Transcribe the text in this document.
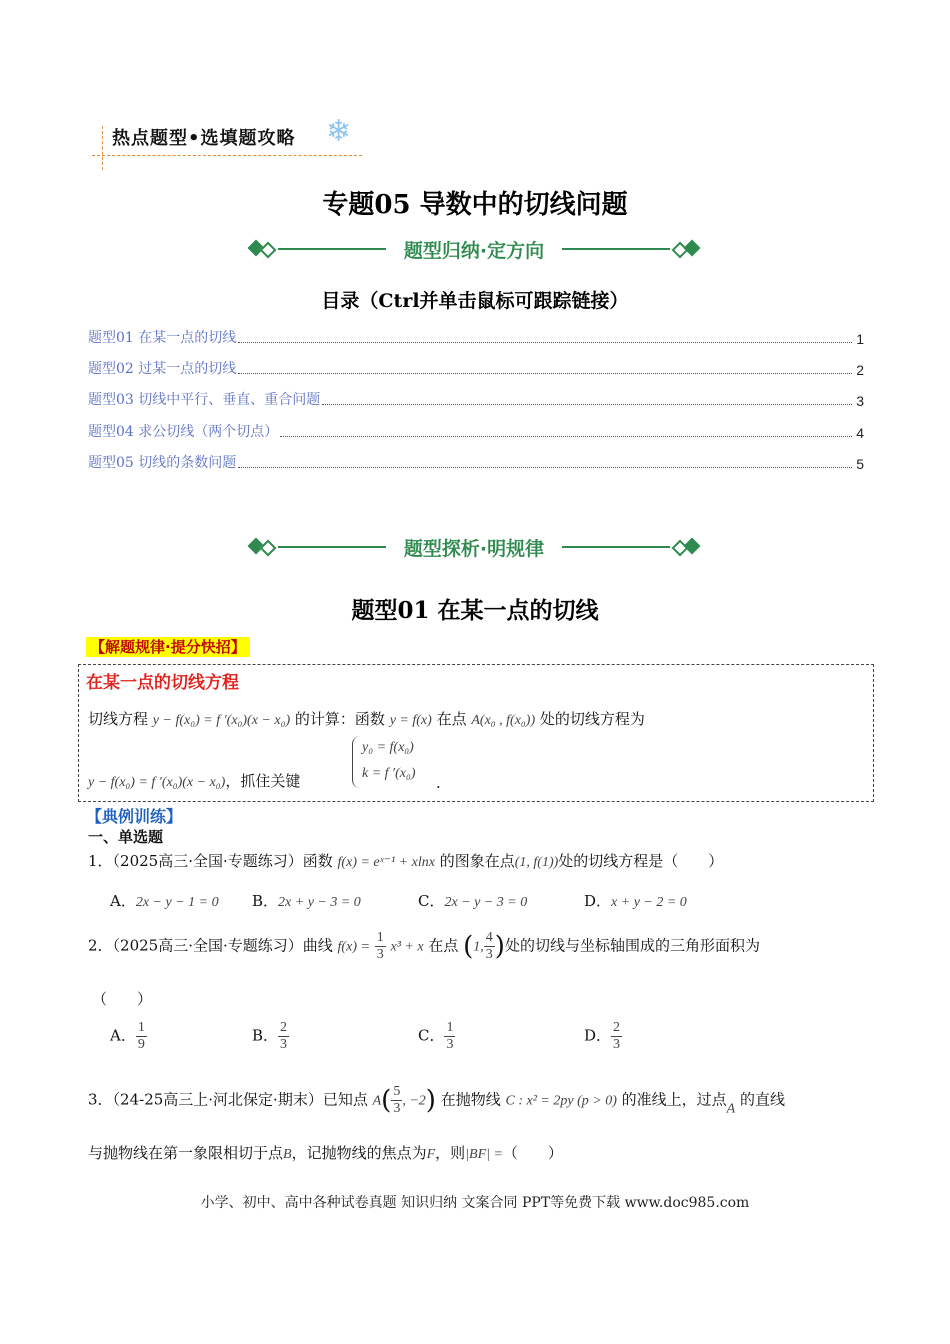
热点题型•选填题攻略 ❄
专题05 导数中的切线问题
题型归纳·定方向
目录（Ctrl并单击鼠标可跟踪链接）
题型01 在某一点的切线	1
题型02 过某一点的切线	2
题型03 切线中平行、垂直、重合问题	3
题型04 求公切线（两个切点）	4
题型05 切线的条数问题	5
题型探析·明规律
题型01 在某一点的切线
【解题规律·提分快招】
在某一点的切线方程
切线方程 y − f(x₀) = f ′(x₀)(x − x₀) 的计算：函数 y = f(x) 在点 A(x₀ , f(x₀)) 处的切线方程为
y − f(x₀) = f ′(x₀)(x − x₀)，抓住关键
y₀ = f(x₀)
k = f ′(x₀)
.
【典例训练】
一、单选题
1．（2025高三·全国·专题练习）函数 f(x) = eˣ⁻¹ + xlnx 的图象在点(1, f(1))处的切线方程是（　　）
A．2x − y − 1 = 0 B．2x + y − 3 = 0	C．2x − y − 3 = 0	D．x + y − 2 = 0
2．（2025高三·全国·专题练习）曲线 $f(x) = \frac{1}{3} x^3 + x$ 在点 (1, $\frac{4}{3}$ )处的切线与坐标轴围成的三角形面积为
（　　）
A． $\frac{1}{9}$	B． $\frac{2}{3}$	C． $\frac{1}{3}$	D． $\frac{2}{3}$
3．（24-25高三上·河北保定·期末）已知点 $A( \frac{5}{3}$ , −2) 在抛物线 C : x² = 2py (p > 0) 的准线上，过点A 的直线
与抛物线在第一象限相切于点B，记抛物线的焦点为F，则|BF| =（　　）
小学、初中、高中各种试卷真题 知识归纳 文案合同 PPT等免费下载 www.doc985.com
